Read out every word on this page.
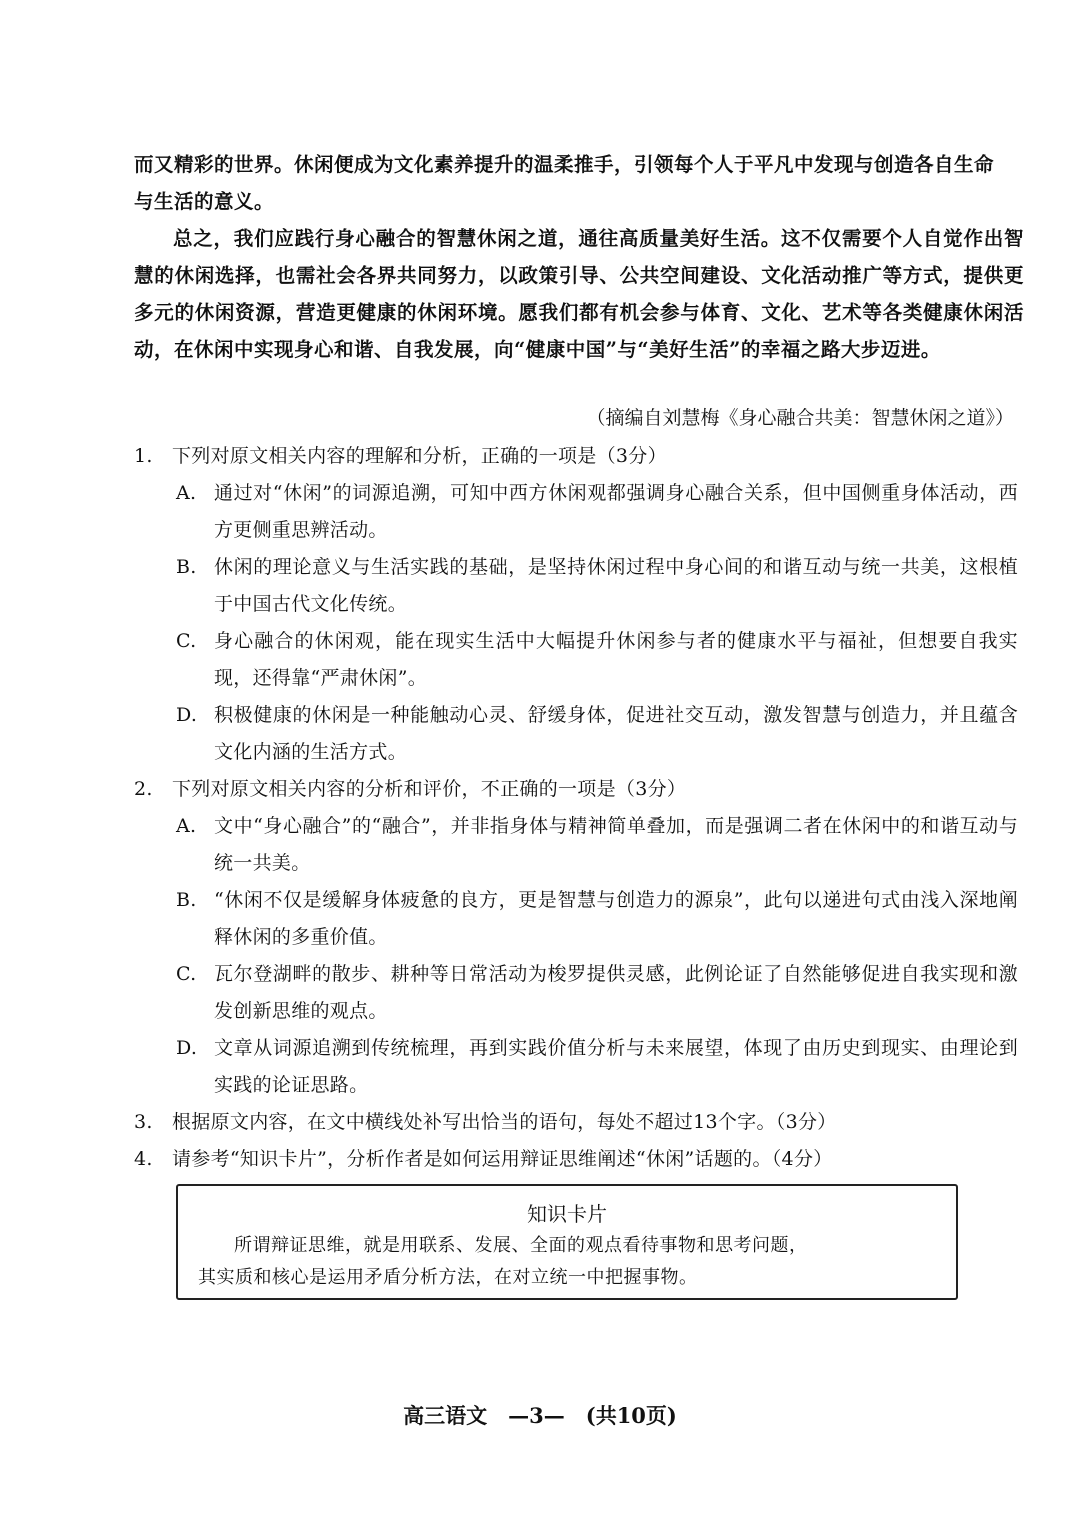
而又精彩的世界。休闲便成为文化素养提升的温柔推手，引领每个人于平凡中发现与创造各自生命

与生活的意义。

总之，我们应践行身心融合的智慧休闲之道，通往高质量美好生活。这不仅需要个人自觉作出智慧的休闲选择，也需社会各界共同努力，以政策引导、公共空间建设、文化活动推广等方式，提供更多元的休闲资源，营造更健康的休闲环境。愿我们都有机会参与体育、文化、艺术等各类健康休闲活动，在休闲中实现身心和谐、自我发展，向“健康中国”与“美好生活”的幸福之路大步迈进。

（摘编自刘慧梅《身心融合共美：智慧休闲之道》）
1. 下列对原文相关内容的理解和分析，正确的一项是（3分）
A. 通过对“休闲”的词源追溯，可知中西方休闲观都强调身心融合关系，但中国侧重身体活动，西方更侧重思辨活动。
B. 休闲的理论意义与生活实践的基础，是坚持休闲过程中身心间的和谐互动与统一共美，这根植于中国古代文化传统。
C. 身心融合的休闲观，能在现实生活中大幅提升休闲参与者的健康水平与福祉，但想要自我实现，还得靠“严肃休闲”。
D. 积极健康的休闲是一种能触动心灵、舒缓身体，促进社交互动，激发智慧与创造力，并且蕴含文化内涵的生活方式。
2. 下列对原文相关内容的分析和评价，不正确的一项是（3分）
A. 文中“身心融合”的“融合”，并非指身体与精神简单叠加，而是强调二者在休闲中的和谐互动与统一共美。
B. “休闲不仅是缓解身体疲惫的良方，更是智慧与创造力的源泉”，此句以递进句式由浅入深地阐释休闲的多重价值。
C. 瓦尔登湖畔的散步、耕种等日常活动为梭罗提供灵感，此例论证了自然能够促进自我实现和激发创新思维的观点。
D. 文章从词源追溯到传统梳理，再到实践价值分析与未来展望，体现了由历史到现实、由理论到实践的论证思路。
3. 根据原文内容，在文中横线处补写出恰当的语句，每处不超过13个字。（3分）
4. 请参考“知识卡片”，分析作者是如何运用辩证思维阐述“休闲”话题的。（4分）
知识卡片
所谓辩证思维，就是用联系、发展、全面的观点看待事物和思考问题，
其实质和核心是运用矛盾分析方法，在对立统一中把握事物。
高三语文　—3—　(共10页)
